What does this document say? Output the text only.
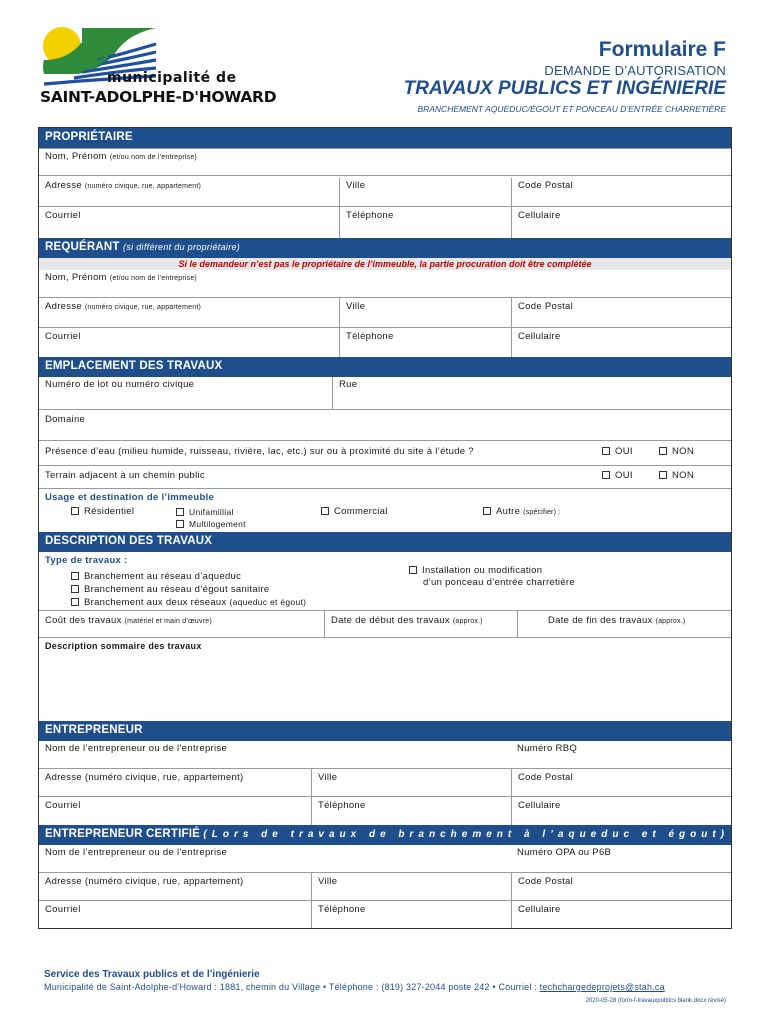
municipalité de
SAINT-ADOLPHE-D'HOWARD
Formulaire F
DEMANDE D’AUTORISATION
TRAVAUX PUBLICS ET INGÉNIERIE
BRANCHEMENT AQUEDUC/ÉGOUT ET PONCEAU D’ENTRÉE CHARRETIÈRE
PROPRIÉTAIRE
Nom, Prénom (et/ou nom de l’entreprise)
Adresse (numéro civique, rue, appartement)	Ville	Code Postal
Courriel	Téléphone	Cellulaire
REQUÉRANT (si différent du propriétaire)
Si le demandeur n’est pas le propriétaire de l’immeuble, la partie procuration doit être complétée
Nom, Prénom (et/ou nom de l’entreprise)
Adresse (numéro civique, rue, appartement)	Ville	Code Postal
Courriel	Téléphone	Cellulaire
EMPLACEMENT DES TRAVAUX
Numéro de lot ou numéro civique	Rue
Domaine
Présence d’eau (milieu humide, ruisseau, rivière, lac, etc.) sur ou à proximité du site à l’étude ?	OUI	NON
Terrain adjacent à un chemin public	OUI	NON
Usage et destination de l’immeuble
Résidentiel	Unifamillial
Multilogement
Commercial	Autre (spécifier) :
DESCRIPTION DES TRAVAUX
Type de travaux :
Branchement au réseau d’aqueduc
Branchement au réseau d’égout sanitaire
Branchement aux deux réseaux (aqueduc et égout)
Installation ou modification
d’un ponceau d’entrée charretière
Coût des travaux (matériel et main d’œuvre)	Date de début des travaux (approx.)	Date de fin des travaux (approx.)
Description sommaire des travaux
ENTREPRENEUR
Nom de l’entrepreneur ou de l’entreprise	Numéro RBQ
Adresse (numéro civique, rue, appartement)	Ville	Code Postal
Courriel	Téléphone	Cellulaire
ENTREPRENEUR CERTIFIÉ (Lors de travaux de branchement à l’aqueduc et égout)
Nom de l’entrepreneur ou de l’entreprise	Numéro OPA ou P6B
Adresse (numéro civique, rue, appartement)	Ville	Code Postal
Courriel	Téléphone	Cellulaire
Service des Travaux publics et de l’ingénierie
Municipalité de Saint-Adolphe-d’Howard : 1881, chemin du Village • Téléphone : (819) 327-2044 poste 242 • Courriel : techchargedeprojets@stah.ca
2020-05-28 (form-f-travauxpublics blank.docx révisé)
